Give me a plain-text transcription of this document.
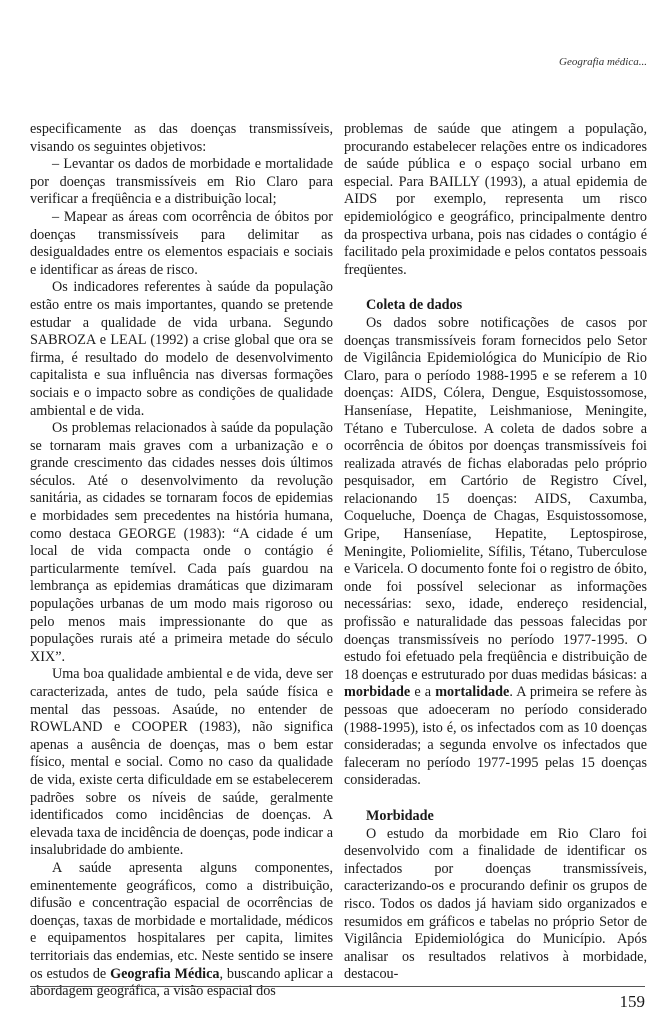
Geografia médica...

especificamente as das doenças transmissíveis, visando os seguintes objetivos:

– Levantar os dados de morbidade e mortalidade por doenças transmissíveis em Rio Claro para verificar a freqüência e a distribuição local;

– Mapear as áreas com ocorrência de óbitos por doenças transmissíveis para delimitar as desigualdades entre os elementos espaciais e sociais e identificar as áreas de risco.

Os indicadores referentes à saúde da população estão entre os mais importantes, quando se pretende estudar a qualidade de vida urbana. Segundo SABROZA e LEAL (1992) a crise global que ora se firma, é resultado do modelo de desenvolvimento capitalista e sua influência nas diversas formações sociais e o impacto sobre as condições de qualidade ambiental e de vida.

Os problemas relacionados à saúde da população se tornaram mais graves com a urbanização e o grande crescimento das cidades nesses dois últimos séculos. Até o desenvolvimento da revolução sanitária, as cidades se tornaram focos de epidemias e morbidades sem precedentes na história humana, como destaca GEORGE (1983): “A cidade é um local de vida compacta onde o contágio é particularmente temível. Cada país guardou na lembrança as epidemias dramáticas que dizimaram populações urbanas de um modo mais rigoroso ou pelo menos mais impressionante do que as populações rurais até a primeira metade do século XIX”.

Uma boa qualidade ambiental e de vida, deve ser caracterizada, antes de tudo, pela saúde física e mental das pessoas. Asaúde, no entender de ROWLAND e COOPER (1983), não significa apenas a ausência de doenças, mas o bem estar físico, mental e social. Como no caso da qualidade de vida, existe certa dificuldade em se estabelecerem padrões sobre os níveis de saúde, geralmente identificados como incidências de doenças. A elevada taxa de incidência de doenças, pode indicar a insalubridade do ambiente.

A saúde apresenta alguns componentes, eminentemente geográficos, como a distribuição, difusão e concentração espacial de ocorrências de doenças, taxas de morbidade e mortalidade, médicos e equipamentos hospitalares per capita, limites territoriais das endemias, etc. Neste sentido se insere os estudos de Geografia Médica, buscando aplicar a abordagem geográfica, a visão espacial dos

problemas de saúde que atingem a população, procurando estabelecer relações entre os indicadores de saúde pública e o espaço social urbano em especial. Para BAILLY (1993), a atual epidemia de AIDS por exemplo, representa um risco epidemiológico e geográfico, principalmente dentro da prospectiva urbana, pois nas cidades o contágio é facilitado pela proximidade e pelos contatos pessoais freqüentes.

Coleta de dados

Os dados sobre notificações de casos por doenças transmissíveis foram fornecidos pelo Setor de Vigilância Epidemiológica do Município de Rio Claro, para o período 1988-1995 e se referem a 10 doenças: AIDS, Cólera, Dengue, Esquistossomose, Hanseníase, Hepatite, Leishmaniose, Meningite, Tétano e Tuberculose. A coleta de dados sobre a ocorrência de óbitos por doenças transmissíveis foi realizada através de fichas elaboradas pelo próprio pesquisador, em Cartório de Registro Cível, relacionando 15 doenças: AIDS, Caxumba, Coqueluche, Doença de Chagas, Esquistossomose, Gripe, Hanseníase, Hepatite, Leptospirose, Meningite, Poliomielite, Sífilis, Tétano, Tuberculose e Varicela. O documento fonte foi o registro de óbito, onde foi possível selecionar as informações necessárias: sexo, idade, endereço residencial, profissão e naturalidade das pessoas falecidas por doenças transmissíveis no período 1977-1995. O estudo foi efetuado pela freqüência e distribuição de 18 doenças e estruturado por duas medidas básicas: a morbidade e a mortalidade. A primeira se refere às pessoas que adoeceram no período considerado (1988-1995), isto é, os infectados com as 10 doenças consideradas; a segunda envolve os infectados que faleceram no período 1977-1995 pelas 15 doenças consideradas.

Morbidade

O estudo da morbidade em Rio Claro foi desenvolvido com a finalidade de identificar os infectados por doenças transmissíveis, caracterizando-os e procurando definir os grupos de risco. Todos os dados já haviam sido organizados e resumidos em gráficos e tabelas no próprio Setor de Vigilância Epidemiológica do Município. Após analisar os resultados relativos à morbidade, destacou-

159
